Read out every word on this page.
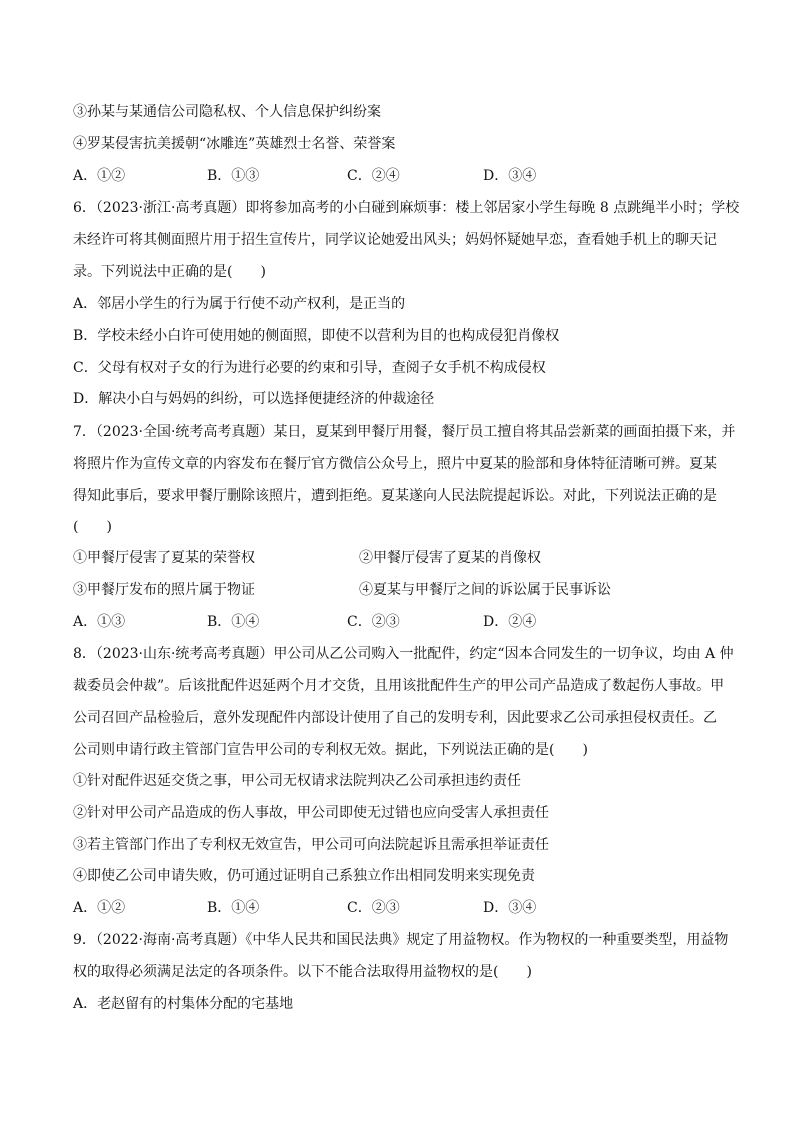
③孙某与某通信公司隐私权、个人信息保护纠纷案
④罗某侵害抗美援朝“冰雕连”英雄烈士名誉、荣誉案
A．①②	B．①③	C．②④	D．③④
6．（2023·浙江·高考真题）即将参加高考的小白碰到麻烦事：楼上邻居家小学生每晚 8 点跳绳半小时；学校
未经许可将其侧面照片用于招生宣传片，同学议论她爱出风头；妈妈怀疑她早恋，查看她手机上的聊天记
录。下列说法中正确的是(　　)
A．邻居小学生的行为属于行使不动产权利，是正当的
B．学校未经小白许可使用她的侧面照，即使不以营利为目的也构成侵犯肖像权
C．父母有权对子女的行为进行必要的约束和引导，查阅子女手机不构成侵权
D．解决小白与妈妈的纠纷，可以选择便捷经济的仲裁途径
7．（2023·全国·统考高考真题）某日，夏某到甲餐厅用餐，餐厅员工擅自将其品尝新菜的画面拍摄下来，并
将照片作为宣传文章的内容发布在餐厅官方微信公众号上，照片中夏某的脸部和身体特征清晰可辨。夏某
得知此事后，要求甲餐厅删除该照片，遭到拒绝。夏某遂向人民法院提起诉讼。对此，下列说法正确的是
(　　)
①甲餐厅侵害了夏某的荣誉权	②甲餐厅侵害了夏某的肖像权
③甲餐厅发布的照片属于物证	④夏某与甲餐厅之间的诉讼属于民事诉讼
A．①③	B．①④	C．②③	D．②④
8．（2023·山东·统考高考真题）甲公司从乙公司购入一批配件，约定“因本合同发生的一切争议，均由 A 仲
裁委员会仲裁”。后该批配件迟延两个月才交货，且用该批配件生产的甲公司产品造成了数起伤人事故。甲
公司召回产品检验后，意外发现配件内部设计使用了自己的发明专利，因此要求乙公司承担侵权责任。乙
公司则申请行政主管部门宣告甲公司的专利权无效。据此，下列说法正确的是(　　)
①针对配件迟延交货之事，甲公司无权请求法院判决乙公司承担违约责任
②针对甲公司产品造成的伤人事故，甲公司即使无过错也应向受害人承担责任
③若主管部门作出了专利权无效宣告，甲公司可向法院起诉且需承担举证责任
④即使乙公司申请失败，仍可通过证明自己系独立作出相同发明来实现免责
A．①②	B．①④	C．②③	D．③④
9．（2022·海南·高考真题）《中华人民共和国民法典》规定了用益物权。作为物权的一种重要类型，用益物
权的取得必须满足法定的各项条件。以下不能合法取得用益物权的是(　　)
A．老赵留有的村集体分配的宅基地
